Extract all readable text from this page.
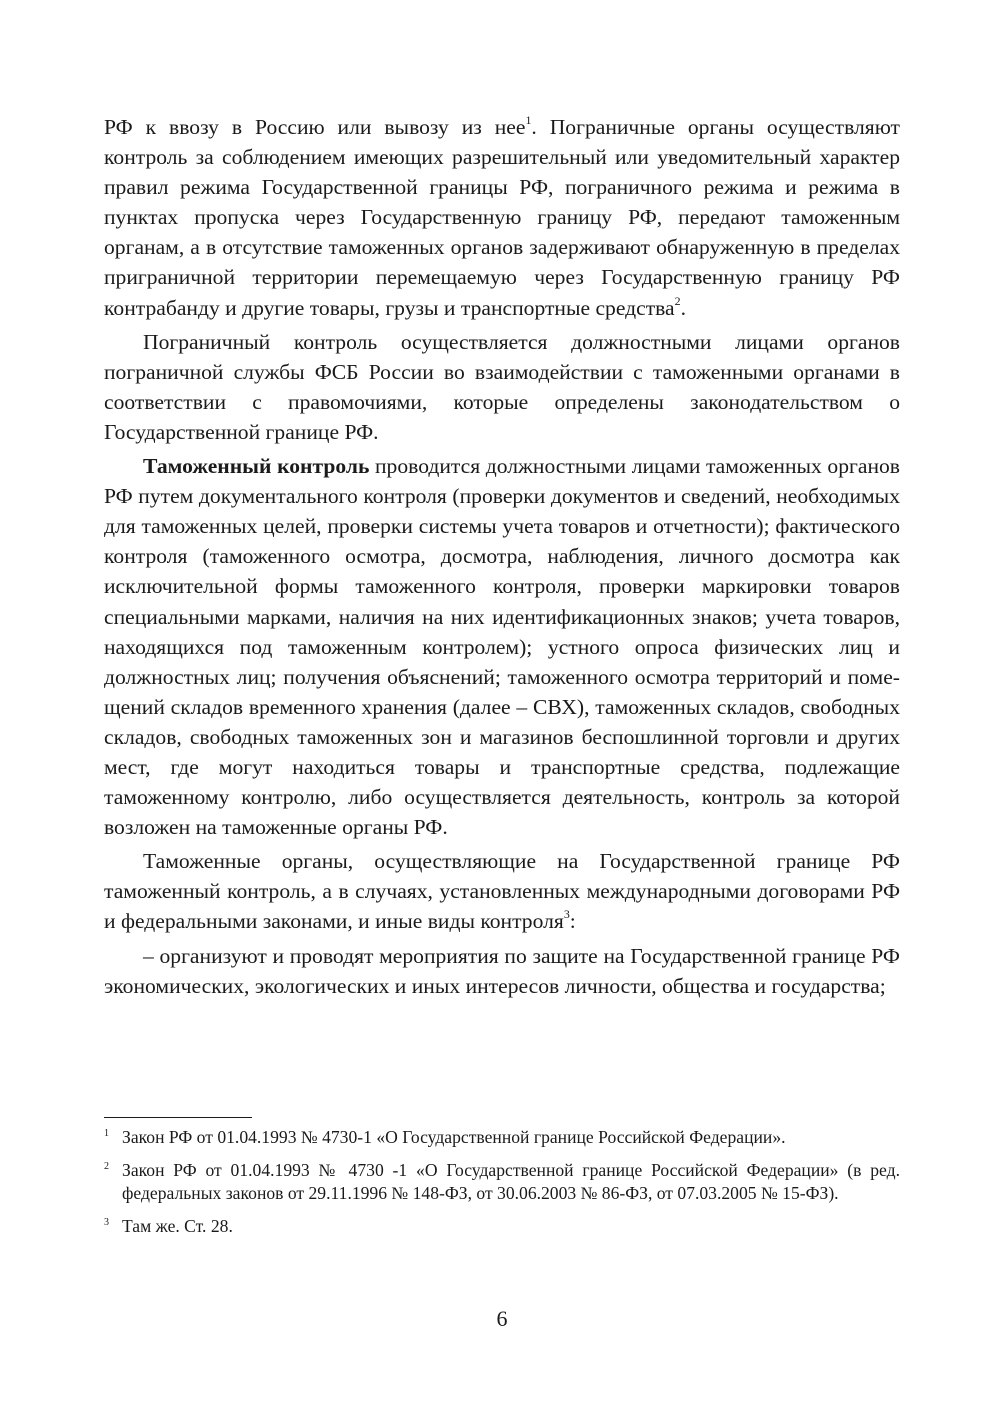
РФ к ввозу в Россию или вывозу из нее$^1$. Пограничные органы осуществляют контроль за соблюдением имеющих разрешительный или уведомительный характер правил режима Государственной границы РФ, пограничного режима и режима в пунктах пропуска через Государственную границу РФ, передают таможенным органам, а в отсутствие таможенных органов задерживают обнаруженную в пределах приграничной территории перемещаемую через Государственную границу РФ контрабанду и другие товары, грузы и транспортные средства$^2$.

Пограничный контроль осуществляется должностными лицами органов пограничной службы ФСБ России во взаимодействии с таможенными органами в соответствии с правомочиями, которые определены законодательством о Государственной границе РФ.

Таможенный контроль проводится должностными лицами таможенных органов РФ путем документального контроля (проверки документов и сведений, необходимых для таможенных целей, проверки системы учета товаров и отчетности); фактического контроля (таможенного осмотра, досмотра, наблюдения, личного досмотра как исключительной формы таможенного контроля, проверки маркировки товаров специальными марками, наличия на них идентификационных знаков; учета товаров, находящихся под таможенным контролем); устного опроса физических лиц и должностных лиц; получения объяснений; таможенного осмотра территорий и помещений складов временного хранения (далее – СВХ), таможенных складов, свободных складов, свободных таможенных зон и магазинов беспошлинной торговли и других мест, где могут находиться товары и транспортные средства, подлежащие таможенному контролю, либо осуществляется деятельность, контроль за которой возложен на таможенные органы РФ.

Таможенные органы, осуществляющие на Государственной границе РФ таможенный контроль, а в случаях, установленных международными договорами РФ и федеральными законами, и иные виды контроля$^3$:

– организуют и проводят мероприятия по защите на Государственной границе РФ экономических, экологических и иных интересов личности, общества и государства;

1 Закон РФ от 01.04.1993 № 4730-1 «О Государственной границе Российской Федерации».
2 Закон РФ от 01.04.1993 № 4730 -1 «О Государственной границе Российской Федерации» (в ред. федеральных законов от 29.11.1996 № 148-ФЗ, от 30.06.2003 № 86-ФЗ, от 07.03.2005 № 15-ФЗ).
3 Там же. Ст. 28.
6
